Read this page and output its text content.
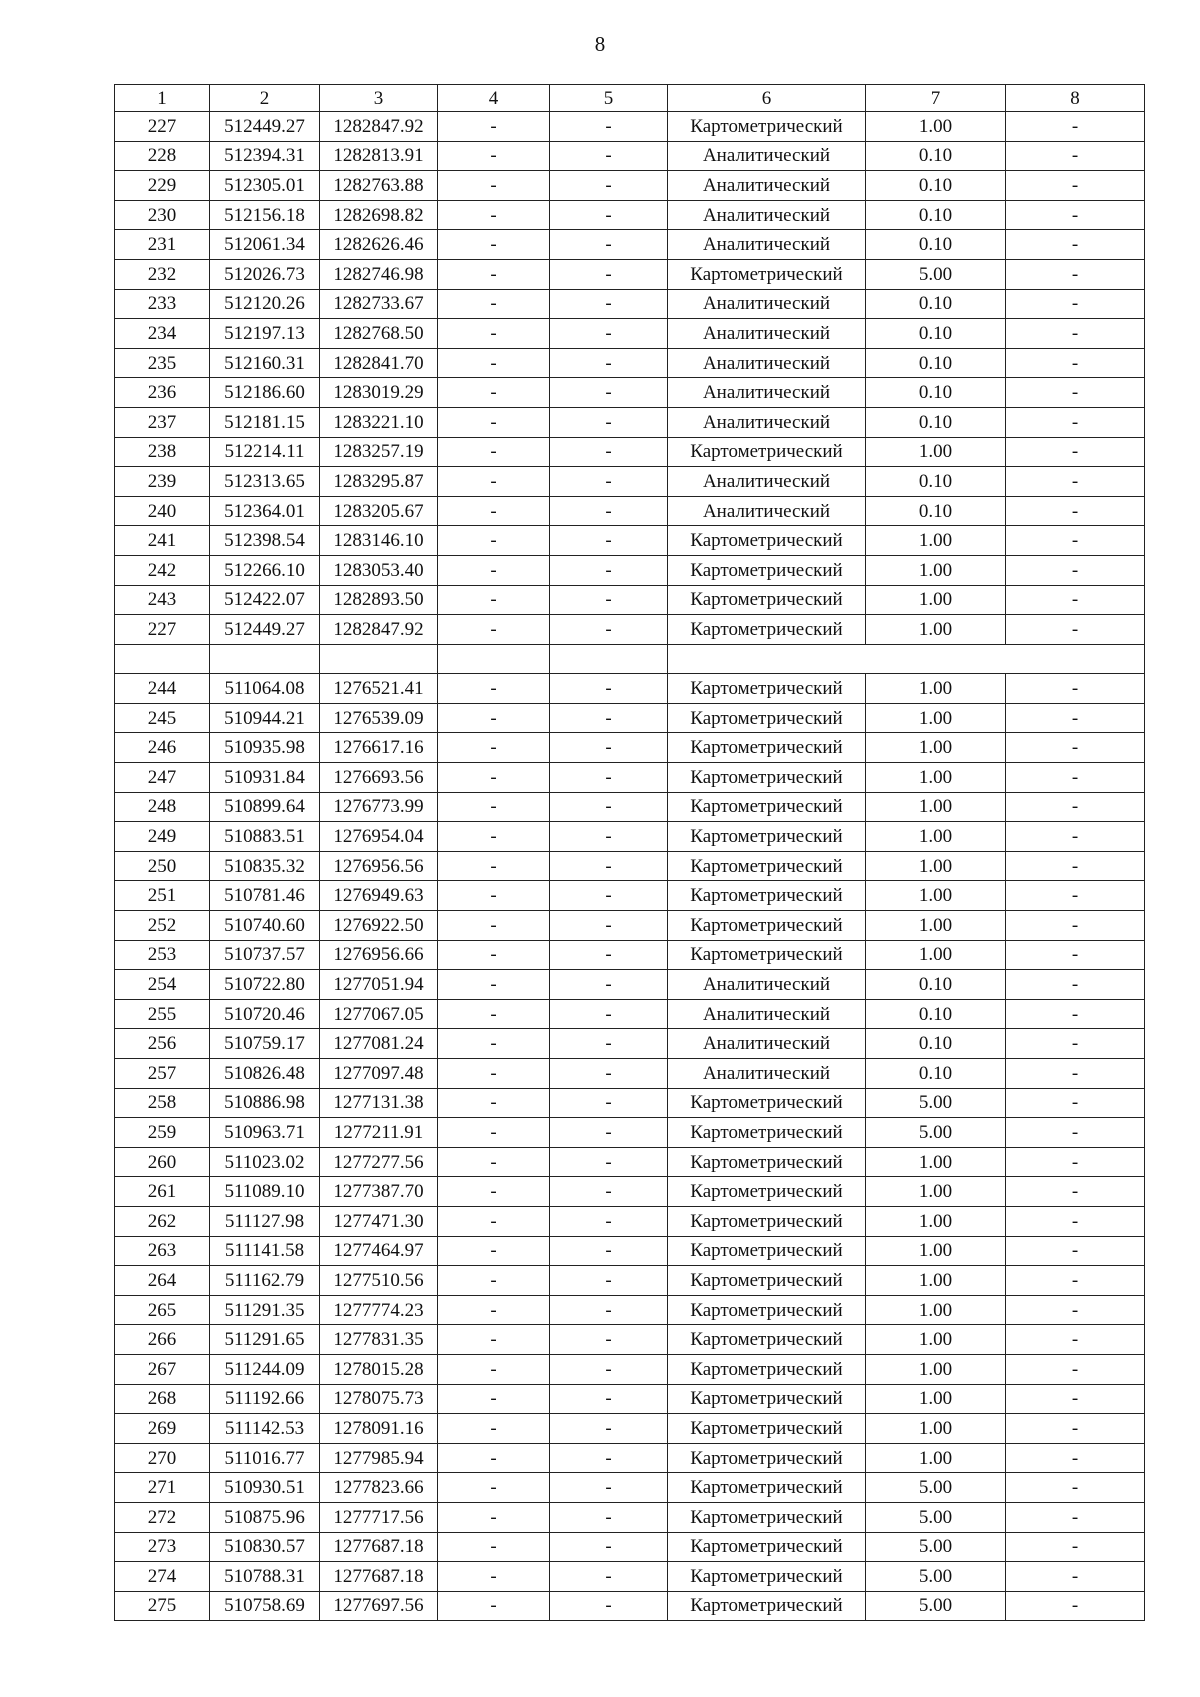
8
1	2	3	4	5	6	7	8
227	512449.27	1282847.92	-	-	Картометрический	1.00	-
228	512394.31	1282813.91	-	-	Аналитический	0.10	-
229	512305.01	1282763.88	-	-	Аналитический	0.10	-
230	512156.18	1282698.82	-	-	Аналитический	0.10	-
231	512061.34	1282626.46	-	-	Аналитический	0.10	-
232	512026.73	1282746.98	-	-	Картометрический	5.00	-
233	512120.26	1282733.67	-	-	Аналитический	0.10	-
234	512197.13	1282768.50	-	-	Аналитический	0.10	-
235	512160.31	1282841.70	-	-	Аналитический	0.10	-
236	512186.60	1283019.29	-	-	Аналитический	0.10	-
237	512181.15	1283221.10	-	-	Аналитический	0.10	-
238	512214.11	1283257.19	-	-	Картометрический	1.00	-
239	512313.65	1283295.87	-	-	Аналитический	0.10	-
240	512364.01	1283205.67	-	-	Аналитический	0.10	-
241	512398.54	1283146.10	-	-	Картометрический	1.00	-
242	512266.10	1283053.40	-	-	Картометрический	1.00	-
243	512422.07	1282893.50	-	-	Картометрический	1.00	-
227	512449.27	1282847.92	-	-	Картометрический	1.00	-

244	511064.08	1276521.41	-	-	Картометрический	1.00	-
245	510944.21	1276539.09	-	-	Картометрический	1.00	-
246	510935.98	1276617.16	-	-	Картометрический	1.00	-
247	510931.84	1276693.56	-	-	Картометрический	1.00	-
248	510899.64	1276773.99	-	-	Картометрический	1.00	-
249	510883.51	1276954.04	-	-	Картометрический	1.00	-
250	510835.32	1276956.56	-	-	Картометрический	1.00	-
251	510781.46	1276949.63	-	-	Картометрический	1.00	-
252	510740.60	1276922.50	-	-	Картометрический	1.00	-
253	510737.57	1276956.66	-	-	Картометрический	1.00	-
254	510722.80	1277051.94	-	-	Аналитический	0.10	-
255	510720.46	1277067.05	-	-	Аналитический	0.10	-
256	510759.17	1277081.24	-	-	Аналитический	0.10	-
257	510826.48	1277097.48	-	-	Аналитический	0.10	-
258	510886.98	1277131.38	-	-	Картометрический	5.00	-
259	510963.71	1277211.91	-	-	Картометрический	5.00	-
260	511023.02	1277277.56	-	-	Картометрический	1.00	-
261	511089.10	1277387.70	-	-	Картометрический	1.00	-
262	511127.98	1277471.30	-	-	Картометрический	1.00	-
263	511141.58	1277464.97	-	-	Картометрический	1.00	-
264	511162.79	1277510.56	-	-	Картометрический	1.00	-
265	511291.35	1277774.23	-	-	Картометрический	1.00	-
266	511291.65	1277831.35	-	-	Картометрический	1.00	-
267	511244.09	1278015.28	-	-	Картометрический	1.00	-
268	511192.66	1278075.73	-	-	Картометрический	1.00	-
269	511142.53	1278091.16	-	-	Картометрический	1.00	-
270	511016.77	1277985.94	-	-	Картометрический	1.00	-
271	510930.51	1277823.66	-	-	Картометрический	5.00	-
272	510875.96	1277717.56	-	-	Картометрический	5.00	-
273	510830.57	1277687.18	-	-	Картометрический	5.00	-
274	510788.31	1277687.18	-	-	Картометрический	5.00	-
275	510758.69	1277697.56	-	-	Картометрический	5.00	-
